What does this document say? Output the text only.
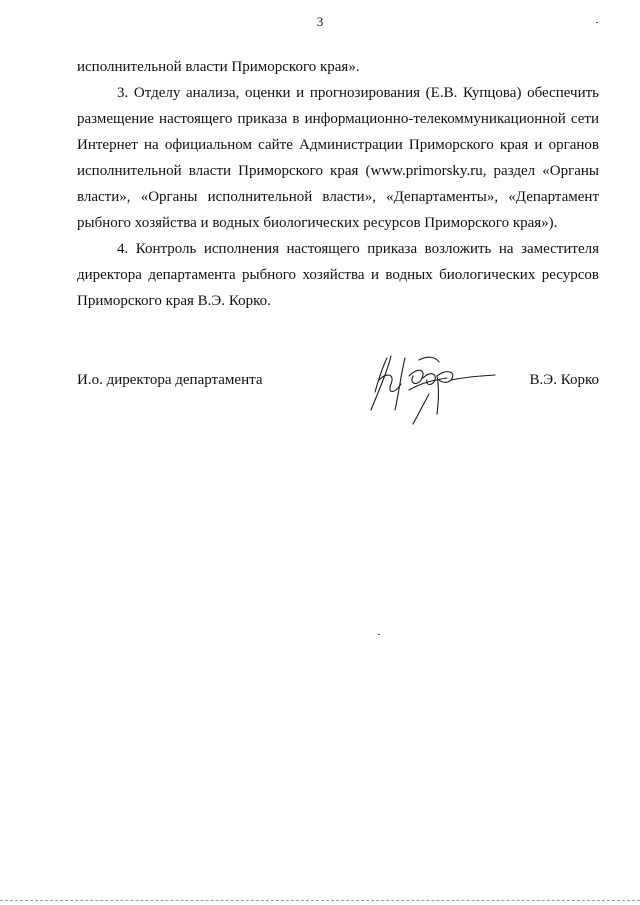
3

исполнительной власти Приморского края».

3. Отделу анализа, оценки и прогнозирования (Е.В. Купцова) обеспечить размещение настоящего приказа в информационно-телекоммуникационной сети Интернет на официальном сайте Администрации Приморского края и органов исполнительной власти Приморского края (www.primorsky.ru, раздел «Органы власти», «Органы исполнительной власти», «Департаменты», «Департамент рыбного хозяйства и водных биологических ресурсов Приморского края»).

4. Контроль исполнения настоящего приказа возложить на заместителя директора департамента рыбного хозяйства и водных биологических ресурсов Приморского края В.Э. Корко.

И.о. директора департамента	В.Э. Корко
